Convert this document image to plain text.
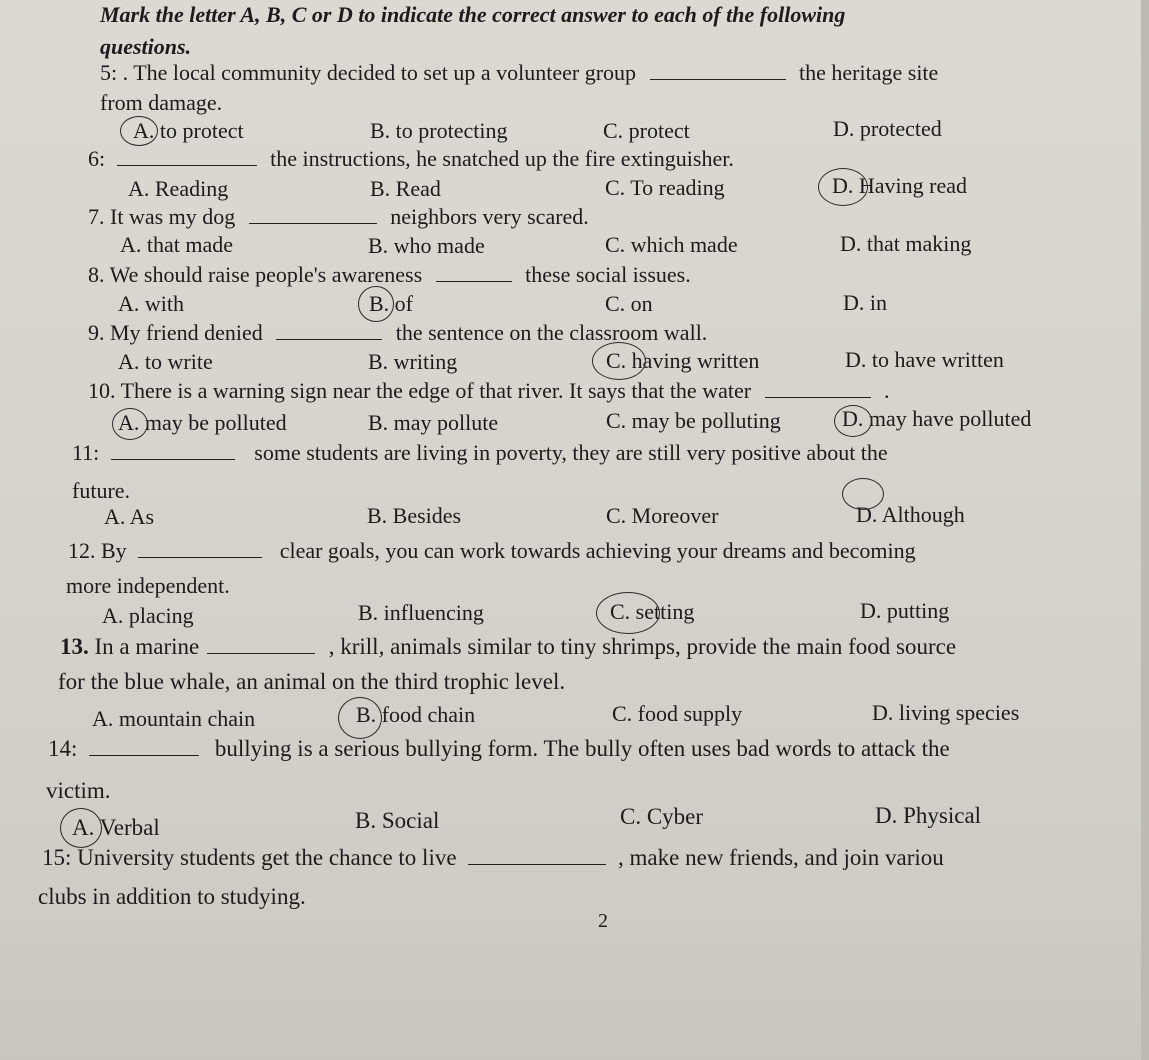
Mark the letter A, B, C or D to indicate the correct answer to each of the following
questions.
5: . The local community decided to set up a volunteer group	the heritage site
from damage.
A. to protect	B. to protecting	C. protect	D. protected
6:	the instructions, he snatched up the fire extinguisher.
A. Reading	B. Read	C. To reading	D. Having read
7. It was my dog	neighbors very scared.
A. that made	B. who made	C. which made	D. that making
8. We should raise people's awareness	these social issues.
A. with	B. of	C. on	D. in
9. My friend denied	the sentence on the classroom wall.
A. to write	B. writing	C. having written	D. to have written
10. There is a warning sign near the edge of that river. It says that the water	.
A. may be polluted	B. may pollute	C. may be polluting	D. may have polluted
11:	some students are living in poverty, they are still very positive about the
future.
A. As	B. Besides	C. Moreover	D. Although
12. By	clear goals, you can work towards achieving your dreams and becoming
more independent.
A. placing	B. influencing	C. setting	D. putting
13. In a marine	, krill, animals similar to tiny shrimps, provide the main food source
for the blue whale, an animal on the third trophic level.
A. mountain chain	B. food chain	C. food supply	D. living species
14:	bullying is a serious bullying form. The bully often uses bad words to attack the
victim.
A. Verbal	B. Social	C. Cyber	D. Physical
15: University students get the chance to live	, make new friends, and join variou
clubs in addition to studying.
2
